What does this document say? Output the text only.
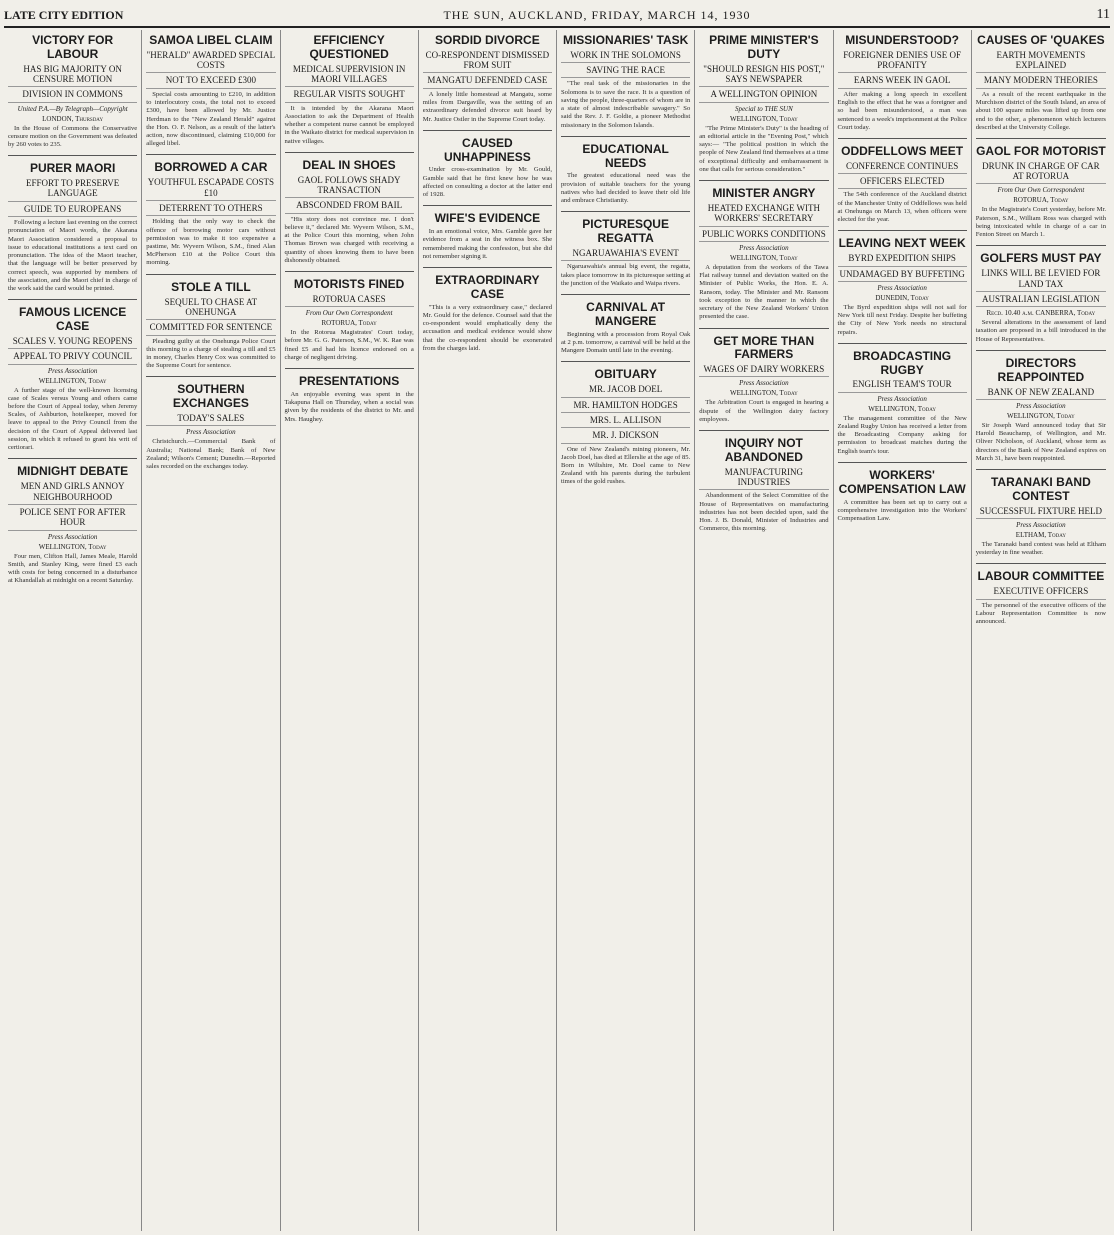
LATE CITY EDITION	THE SUN, AUCKLAND, FRIDAY, MARCH 14, 1930	11
VICTORY FOR LABOUR
HAS BIG MAJORITY ON CENSURE MOTION
DIVISION IN COMMONS
United P.A.—By Telegraph—Copyright
LONDON, Thursday

In the House of Commons the Conservative censure motion on the Government was defeated by 260 votes to 235.

PURER MAORI
EFFORT TO PRESERVE LANGUAGE
GUIDE TO EUROPEANS

Following a lecture last evening on the correct pronunciation of Maori words, the Akarana Maori Association considered a proposal to issue to educational institutions a text card on pronunciation. The idea of the Maori teacher, that the language will be better preserved by correct speech, was supported by members of the association, and the Maori chief in charge of the work said the card would be printed.

FAMOUS LICENCE CASE
SCALES V. YOUNG REOPENS
APPEAL TO PRIVY COUNCIL
Press Association
WELLINGTON, Today

A further stage of the well-known licensing case of Scales versus Young and others came before the Court of Appeal today, when Jeremy Scales, of Ashburton, hotelkeeper, moved for leave to appeal to the Privy Council from the decision of the Court of Appeal delivered last session, in which it refused to grant his writ of certiorari.

MIDNIGHT DEBATE
MEN AND GIRLS ANNOY NEIGHBOURHOOD
POLICE SENT FOR AFTER HOUR
Press Association
WELLINGTON, Today

Four men, Clifton Hall, James Meale, Harold Smith, and Stanley King, were fined £3 each with costs for being concerned in a disturbance at Khandallah at midnight on a recent Saturday.

SAMOA LIBEL CLAIM
"HERALD" AWARDED SPECIAL COSTS
NOT TO EXCEED £300

Special costs amounting to £210, in addition to interlocutory costs, the total not to exceed £300, have been allowed by Mr. Justice Herdman to the "New Zealand Herald" against the Hon. O. F. Nelson, as a result of the latter's action, now discontinued, claiming £10,000 for alleged libel.

BORROWED A CAR
YOUTHFUL ESCAPADE COSTS £10
DETERRENT TO OTHERS

Holding that the only way to check the offence of borrowing motor cars without permission was to make it too expensive a pastime, Mr. Wyvern Wilson, S.M., fined Alan McPherson £10 at the Police Court this morning.

STOLE A TILL
SEQUEL TO CHASE AT ONEHUNGA
COMMITTED FOR SENTENCE

Pleading guilty at the Onehunga Police Court this morning to a charge of stealing a till and £5 in money, Charles Henry Cox was committed to the Supreme Court for sentence.

SOUTHERN EXCHANGES
TODAY'S SALES
Press Association

Christchurch.—Commercial Bank of Australia; National Bank; Bank of New Zealand; Wilson's Cement; Dunedin.—Reported sales recorded on the exchanges today.

EFFICIENCY QUESTIONED
MEDICAL SUPERVISION IN MAORI VILLAGES
REGULAR VISITS SOUGHT

It is intended by the Akarana Maori Association to ask the Department of Health whether a competent nurse cannot be employed in the Waikato district for medical supervision in native villages.

DEAL IN SHOES
GAOL FOLLOWS SHADY TRANSACTION
ABSCONDED FROM BAIL

"His story does not convince me. I don't believe it," declared Mr. Wyvern Wilson, S.M., at the Police Court this morning, when John Thomas Brown was charged with receiving a quantity of shoes knowing them to have been dishonestly obtained.

MOTORISTS FINED
ROTORUA CASES
From Our Own Correspondent
ROTORUA, Today

In the Rotorua Magistrates' Court today, before Mr. G. G. Paterson, S.M., W. K. Rae was fined £5 and had his licence endorsed on a charge of negligent driving.

PRESENTATIONS

An enjoyable evening was spent in the Takapuna Hall on Thursday, when a social was given by the residents of the district to Mr. and Mrs. Haughey.

SORDID DIVORCE
CO-RESPONDENT DISMISSED FROM SUIT
MANGATU DEFENDED CASE

A lonely little homestead at Mangatu, some miles from Dargaville, was the setting of an extraordinary defended divorce suit heard by Mr. Justice Ostler in the Supreme Court today.

CAUSED UNHAPPINESS

Under cross-examination by Mr. Gould, Gamble said that he first knew how he was affected on consulting a doctor at the latter end of 1928.

WIFE'S EVIDENCE

In an emotional voice, Mrs. Gamble gave her evidence from a seat in the witness box. She remembered making the confession, but she did not remember signing it.

EXTRAORDINARY CASE

"This is a very extraordinary case," declared Mr. Gould for the defence. Counsel said that the co-respondent would emphatically deny the accusation and medical evidence would show that the co-respondent should be exonerated from the charges laid.

MISSIONARIES' TASK
WORK IN THE SOLOMONS
SAVING THE RACE

"The real task of the missionaries in the Solomons is to save the race. It is a question of saving the people, three-quarters of whom are in a state of almost indescribable savagery." So said the Rev. J. F. Goldie, a pioneer Methodist missionary in the Solomon Islands.

EDUCATIONAL NEEDS

The greatest educational need was the provision of suitable teachers for the young natives who had decided to leave their old life and embrace Christianity.

PICTURESQUE REGATTA
NGARUAWAHIA'S EVENT

Ngaruawahia's annual big event, the regatta, takes place tomorrow in its picturesque setting at the junction of the Waikato and Waipa rivers.

CARNIVAL AT MANGERE

Beginning with a procession from Royal Oak at 2 p.m. tomorrow, a carnival will be held at the Mangere Domain until late in the evening.

OBITUARY
MR. JACOB DOEL
MR. HAMILTON HODGES
MRS. L. ALLISON
MR. J. DICKSON

One of New Zealand's mining pioneers, Mr. Jacob Doel, has died at Ellerslie at the age of 85. Born in Wiltshire, Mr. Doel came to New Zealand with his parents during the turbulent times of the gold rushes.

PRIME MINISTER'S DUTY
"SHOULD RESIGN HIS POST," SAYS NEWSPAPER
A WELLINGTON OPINION
Special to THE SUN
WELLINGTON, Today

"The Prime Minister's Duty" is the heading of an editorial article in the "Evening Post," which says:— "The political position in which the people of New Zealand find themselves at a time of exceptional difficulty and embarrassment is one that calls for serious consideration."

MINISTER ANGRY
HEATED EXCHANGE WITH WORKERS' SECRETARY
PUBLIC WORKS CONDITIONS
Press Association
WELLINGTON, Today

A deputation from the workers of the Tawa Flat railway tunnel and deviation waited on the Minister of Public Works, the Hon. E. A. Ransom, today. The Minister and Mr. Ransom took exception to the manner in which the secretary of the New Zealand Workers' Union presented the case.

GET MORE THAN FARMERS
WAGES OF DAIRY WORKERS
Press Association
WELLINGTON, Today

The Arbitration Court is engaged in hearing a dispute of the Wellington dairy factory employees.

INQUIRY NOT ABANDONED
MANUFACTURING INDUSTRIES

Abandonment of the Select Committee of the House of Representatives on manufacturing industries has not been decided upon, said the Hon. J. B. Donald, Minister of Industries and Commerce, this morning.

MISUNDERSTOOD?
FOREIGNER DENIES USE OF PROFANITY
EARNS WEEK IN GAOL

After making a long speech in excellent English to the effect that he was a foreigner and so had been misunderstood, a man was sentenced to a week's imprisonment at the Police Court today.

ODDFELLOWS MEET
CONFERENCE CONTINUES
OFFICERS ELECTED

The 54th conference of the Auckland district of the Manchester Unity of Oddfellows was held at Onehunga on March 13, when officers were elected for the year.

LEAVING NEXT WEEK
BYRD EXPEDITION SHIPS
UNDAMAGED BY BUFFETING
Press Association
DUNEDIN, Today

The Byrd expedition ships will not sail for New York till next Friday. Despite her buffeting the City of New York needs no structural repairs.

BROADCASTING RUGBY
ENGLISH TEAM'S TOUR
Press Association
WELLINGTON, Today

The management committee of the New Zealand Rugby Union has received a letter from the Broadcasting Company asking for permission to broadcast matches during the English team's tour.

WORKERS' COMPENSATION LAW

A committee has been set up to carry out a comprehensive investigation into the Workers' Compensation Law.

CAUSES OF 'QUAKES
EARTH MOVEMENTS EXPLAINED
MANY MODERN THEORIES

As a result of the recent earthquake in the Murchison district of the South Island, an area of about 100 square miles was lifted up from one end to the other, a phenomenon which lecturers described at the University College.

GAOL FOR MOTORIST
DRUNK IN CHARGE OF CAR AT ROTORUA
From Our Own Correspondent
ROTORUA, Today

In the Magistrate's Court yesterday, before Mr. Paterson, S.M., William Ross was charged with being intoxicated while in charge of a car in Fenton Street on March 1.

GOLFERS MUST PAY
LINKS WILL BE LEVIED FOR LAND TAX
AUSTRALIAN LEGISLATION
Recd. 10.40 a.m. CANBERRA, Today

Several alterations in the assessment of land taxation are proposed in a bill introduced in the House of Representatives.

DIRECTORS REAPPOINTED
BANK OF NEW ZEALAND
Press Association
WELLINGTON, Today

Sir Joseph Ward announced today that Sir Harold Beauchamp, of Wellington, and Mr. Oliver Nicholson, of Auckland, whose term as directors of the Bank of New Zealand expires on March 31, have been reappointed.

TARANAKI BAND CONTEST
SUCCESSFUL FIXTURE HELD
Press Association
ELTHAM, Today

The Taranaki band contest was held at Eltham yesterday in fine weather.

LABOUR COMMITTEE
EXECUTIVE OFFICERS

The personnel of the executive officers of the Labour Representation Committee is now announced.
